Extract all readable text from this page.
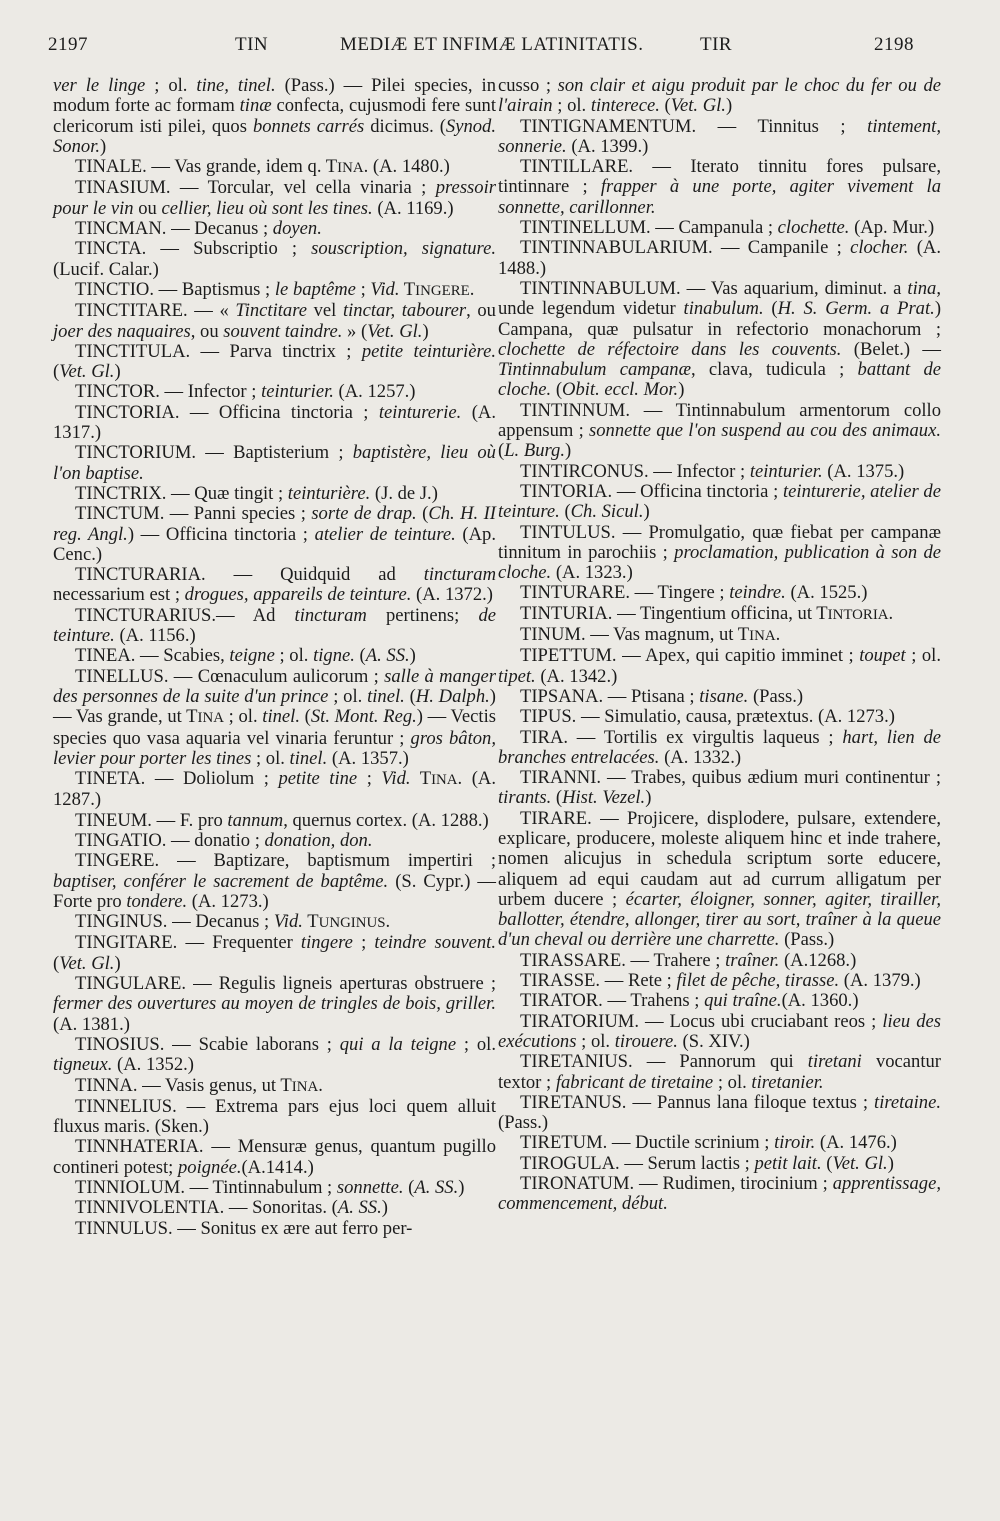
2197	TIN	MEDIÆ ET INFIMÆ LATINITATIS.	TIR	2198

ver le linge ; ol. tine, tinel. (Pass.) — Pilei species, in modum forte ac formam tinæ confecta, cujusmodi fere sunt clericorum isti pilei, quos bonnets carrés dicimus. (Synod. Sonor.)

TINALE. — Vas grande, idem q. TINA. (A. 1480.)

TINASIUM. — Torcular, vel cella vinaria ; pressoir pour le vin ou cellier, lieu où sont les tines. (A. 1169.)

TINCMAN. — Decanus ; doyen.

TINCTA. — Subscriptio ; souscription, signature. (Lucif. Calar.)

TINCTIO. — Baptismus ; le baptême ; Vid. TINGERE.

TINCTITARE. — « Tinctitare vel tinctar, tabourer, ou joer des naquaires, ou souvent taindre. » (Vet. Gl.)

TINCTITULA. — Parva tinctrix ; petite teinturière. (Vet. Gl.)

TINCTOR. — Infector ; teinturier. (A. 1257.)

TINCTORIA. — Officina tinctoria ; teinturerie. (A. 1317.)

TINCTORIUM. — Baptisterium ; baptistère, lieu où l'on baptise.

TINCTRIX. — Quæ tingit ; teinturière. (J. de J.)

TINCTUM. — Panni species ; sorte de drap. (Ch. H. II reg. Angl.) — Officina tinctoria ; atelier de teinture. (Ap. Cenc.)

TINCTURARIA. — Quidquid ad tincturam necessarium est ; drogues, appareils de teinture. (A. 1372.)

TINCTURARIUS.— Ad tincturam pertinens; de teinture. (A. 1156.)

TINEA. — Scabies, teigne ; ol. tigne. (A. SS.)

TINELLUS. — Cœnaculum aulicorum ; salle à manger des personnes de la suite d'un prince ; ol. tinel. (H. Dalph.) — Vas grande, ut TINA ; ol. tinel. (St. Mont. Reg.) — Vectis species quo vasa aquaria vel vinaria feruntur ; gros bâton, levier pour porter les tines ; ol. tinel. (A. 1357.)

TINETA. — Doliolum ; petite tine ; Vid. TINA. (A. 1287.)

TINEUM. — F. pro tannum, quernus cortex. (A. 1288.)

TINGATIO. — donatio ; donation, don.

TINGERE. — Baptizare, baptismum impertiri ; baptiser, conférer le sacrement de baptême. (S. Cypr.) — Forte pro tondere. (A. 1273.)

TINGINUS. — Decanus ; Vid. TUNGINUS.

TINGITARE. — Frequenter tingere ; teindre souvent. (Vet. Gl.)

TINGULARE. — Regulis ligneis aperturas obstruere ; fermer des ouvertures au moyen de tringles de bois, griller. (A. 1381.)

TINOSIUS. — Scabie laborans ; qui a la teigne ; ol. tigneux. (A. 1352.)

TINNA. — Vasis genus, ut TINA.

TINNELIUS. — Extrema pars ejus loci quem alluit fluxus maris. (Sken.)

TINNHATERIA. — Mensuræ genus, quantum pugillo contineri potest; poignée.(A.1414.)

TINNIOLUM. — Tintinnabulum ; sonnette. (A. SS.)

TINNIVOLENTIA. — Sonoritas. (A. SS.)

TINNULUS. — Sonitus ex ære aut ferro per-

cusso ; son clair et aigu produit par le choc du fer ou de l'airain ; ol. tinterece. (Vet. Gl.)

TINTIGNAMENTUM. — Tinnitus ; tintement, sonnerie. (A. 1399.)

TINTILLARE. — Iterato tinnitu fores pulsare, tintinnare ; frapper à une porte, agiter vivement la sonnette, carillonner.

TINTINELLUM. — Campanula ; clochette. (Ap. Mur.)

TINTINNABULARIUM. — Campanile ; clocher. (A. 1488.)

TINTINNABULUM. — Vas aquarium, diminut. a tina, unde legendum videtur tinabulum. (H. S. Germ. a Prat.) Campana, quæ pulsatur in refectorio monachorum ; clochette de réfectoire dans les couvents. (Belet.) — Tintinnabulum campanæ, clava, tudicula ; battant de cloche. (Obit. eccl. Mor.)

TINTINNUM. — Tintinnabulum armentorum collo appensum ; sonnette que l'on suspend au cou des animaux. (L. Burg.)

TINTIRCONUS. — Infector ; teinturier. (A. 1375.)

TINTORIA. — Officina tinctoria ; teinturerie, atelier de teinture. (Ch. Sicul.)

TINTULUS. — Promulgatio, quæ fiebat per campanæ tinnitum in parochiis ; proclamation, publication à son de cloche. (A. 1323.)

TINTURARE. — Tingere ; teindre. (A. 1525.)

TINTURIA. — Tingentium officina, ut TINTORIA.

TINUM. — Vas magnum, ut TINA.

TIPETTUM. — Apex, qui capitio imminet ; toupet ; ol. tipet. (A. 1342.)

TIPSANA. — Ptisana ; tisane. (Pass.)

TIPUS. — Simulatio, causa, prætextus. (A. 1273.)

TIRA. — Tortilis ex virgultis laqueus ; hart, lien de branches entrelacées. (A. 1332.)

TIRANNI. — Trabes, quibus ædium muri continentur ; tirants. (Hist. Vezel.)

TIRARE. — Projicere, displodere, pulsare, extendere, explicare, producere, moleste aliquem hinc et inde trahere, nomen alicujus in schedula scriptum sorte educere, aliquem ad equi caudam aut ad currum alligatum per urbem ducere ; écarter, éloigner, sonner, agiter, tirailler, ballotter, étendre, allonger, tirer au sort, traîner à la queue d'un cheval ou derrière une charrette. (Pass.)

TIRASSARE. — Trahere ; traîner. (A.1268.)

TIRASSE. — Rete ; filet de pêche, tirasse. (A. 1379.)

TIRATOR. — Trahens ; qui traîne.(A. 1360.)

TIRATORIUM. — Locus ubi cruciabant reos ; lieu des exécutions ; ol. tirouere. (S. XIV.)

TIRETANIUS. — Pannorum qui tiretani vocantur textor ; fabricant de tiretaine ; ol. tiretanier.

TIRETANUS. — Pannus lana filoque textus ; tiretaine. (Pass.)

TIRETUM. — Ductile scrinium ; tiroir. (A. 1476.)

TIROGULA. — Serum lactis ; petit lait. (Vet. Gl.)

TIRONATUM. — Rudimen, tirocinium ; apprentissage, commencement, début.
